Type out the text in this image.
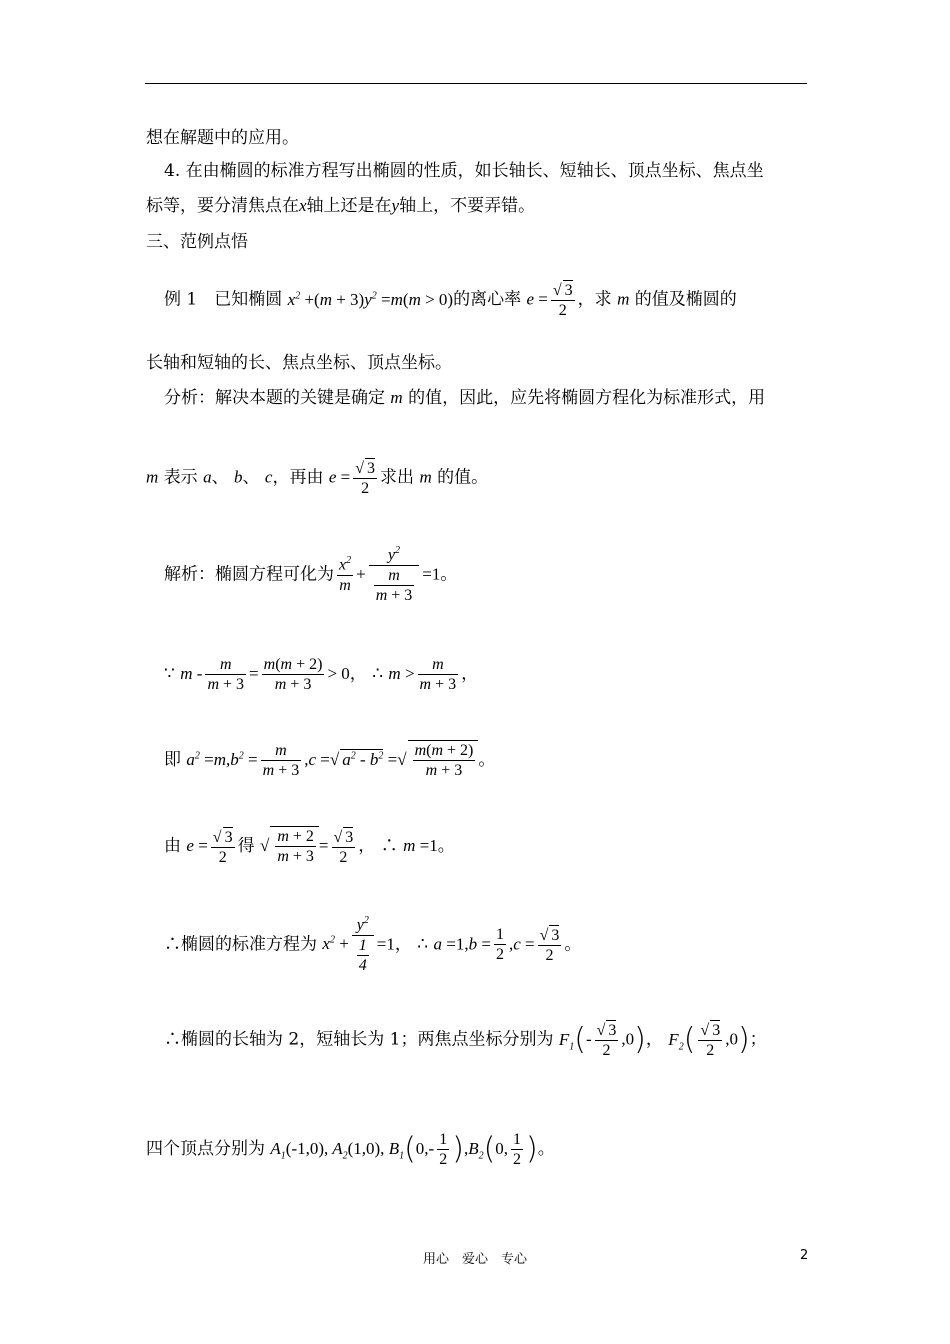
想在解题中的应用。
4. 在由椭圆的标准方程写出椭圆的性质，如长轴长、短轴长、顶点坐标、焦点坐
标等，要分清焦点在x轴上还是在y轴上，不要弄错。
三、范例点悟
例 1　已知椭圆 $x^2 +(m + 3)y^2 =m(m > 0)$的离心率 $e = \frac{√ 3}{2}$ ，求 m 的值及椭圆的
长轴和短轴的长、焦点坐标、顶点坐标。
分析：解决本题的关键是确定 m 的值，因此，应先将椭圆方程化为标准形式，用
m 表示 a、 b、 c，再由 $e = \frac{√ 3}{2}$ 求出 m 的值。
解析：椭圆方程可化为 $\frac{x^2}{m} + \frac{y^2}{\frac{m}{m + 3}} =1$。
∵ $m - \frac{m}{m + 3} = \frac{m(m + 2)}{m + 3} > 0$， ∴ $m > \frac{m}{m + 3}$ ，
即 $a^2 =m,b^2 = \frac{m}{m + 3} ,c$ =√ $a^2 - b^2$ =√ $\frac{m(m + 2)}{m + 3}$ 。
由 $e = \frac{√ 3}{2}$ 得 √ $\frac{m + 2}{m + 3} = \frac{√ 3}{2}$ ， ∴ m =1。
∴椭圆的标准方程为 $x^2 + \frac{y^2}{\frac{1}{4}} =1$， ∴ $a =1,b = \frac{1}{2} ,c = \frac{√ 3}{2}$ 。
∴椭圆的长轴为 2，短轴长为 1；两焦点坐标分别为 $F_1(- \frac{√ 3}{2} ,0)$， $F_2( \frac{√ 3}{2} ,0)$；
四个顶点分别为 $A_1(-1,0)$, $A_2(1,0)$, $B_1(0,- \frac{1}{2} ),B_2(0$, $\frac{1}{2}$ )。
用心　爱心　专心	2
